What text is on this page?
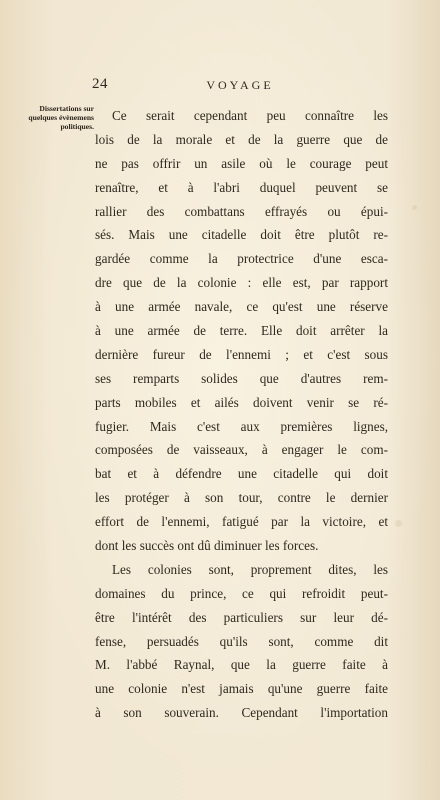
24	VOYAGE
Dissertations sur quelques évènemens politiques.
Ce serait cependant peu connaître les
lois de la morale et de la guerre que de
ne pas offrir un asile où le courage peut
renaître, et à l'abri duquel peuvent se
rallier des combattans effrayés ou épui-
sés. Mais une citadelle doit être plutôt re-
gardée comme la protectrice d'une esca-
dre que de la colonie : elle est, par rapport
à une armée navale, ce qu'est une réserve
à une armée de terre. Elle doit arrêter la
dernière fureur de l'ennemi ; et c'est sous
ses remparts solides que d'autres rem-
parts mobiles et ailés doivent venir se ré-
fugier. Mais c'est aux premières lignes,
composées de vaisseaux, à engager le com-
bat et à défendre une citadelle qui doit
les protéger à son tour, contre le dernier
effort de l'ennemi, fatigué par la victoire, et
dont les succès ont dû diminuer les forces.
Les colonies sont, proprement dites, les
domaines du prince, ce qui refroidit peut-
être l'intérêt des particuliers sur leur dé-
fense, persuadés qu'ils sont, comme dit
M. l'abbé Raynal, que la guerre faite à
une colonie n'est jamais qu'une guerre faite
à son souverain. Cependant l'importation
